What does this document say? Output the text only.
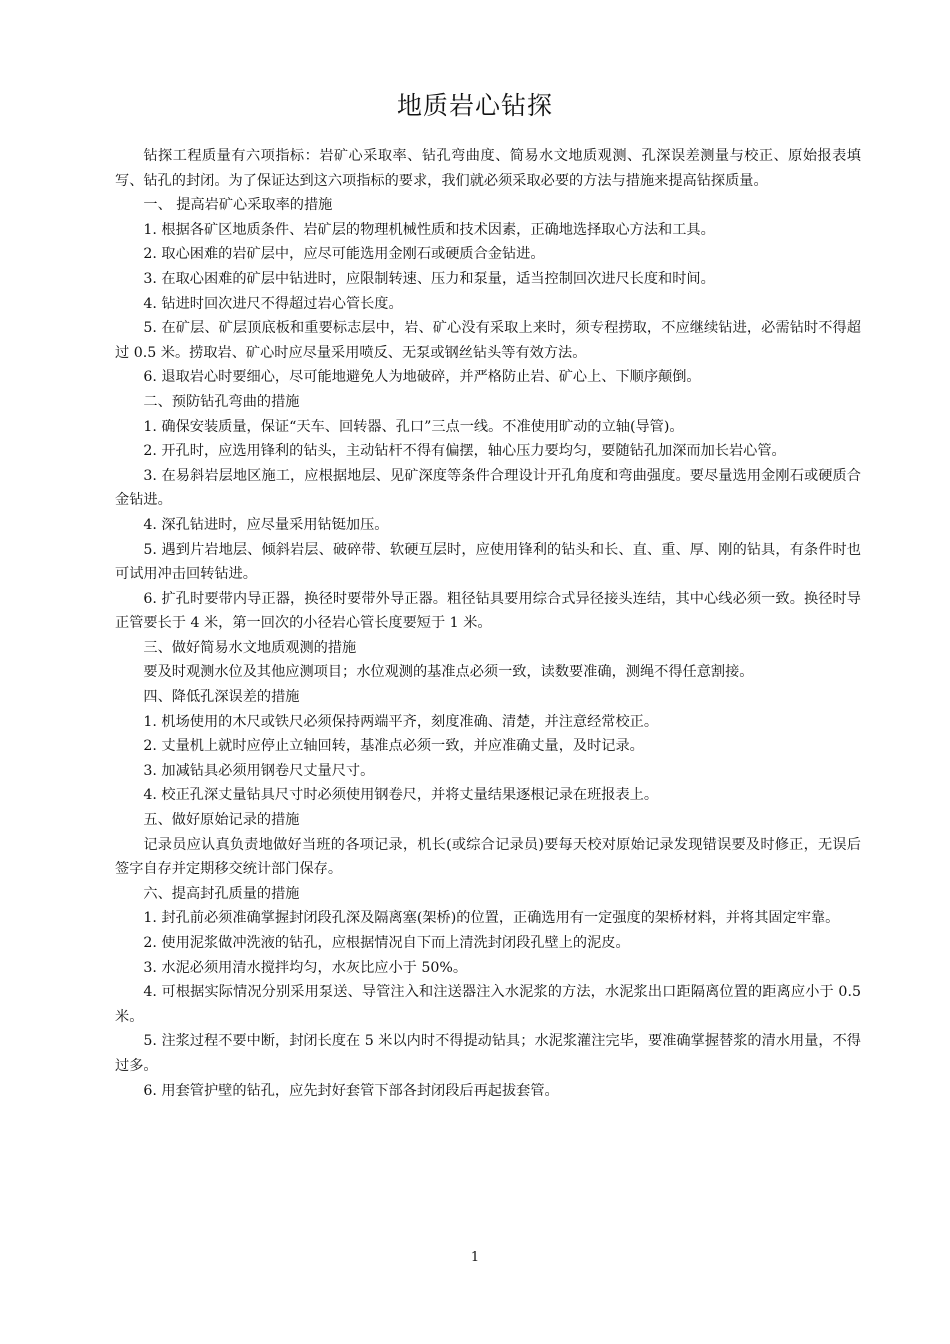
地质岩心钻探

钻探工程质量有六项指标：岩矿心采取率、钻孔弯曲度、简易水文地质观测、孔深误差测量与校正、原始报表填写、钻孔的封闭。为了保证达到这六项指标的要求，我们就必须采取必要的方法与措施来提高钻探质量。

一、 提高岩矿心采取率的措施

1. 根据各矿区地质条件、岩矿层的物理机械性质和技术因素，正确地选择取心方法和工具。

2. 取心困难的岩矿层中，应尽可能选用金刚石或硬质合金钻进。

3. 在取心困难的矿层中钻进时，应限制转速、压力和泵量，适当控制回次进尺长度和时间。

4. 钻进时回次进尺不得超过岩心管长度。

5. 在矿层、矿层顶底板和重要标志层中，岩、矿心没有采取上来时，须专程捞取，不应继续钻进，必需钻时不得超过 0.5 米。捞取岩、矿心时应尽量采用喷反、无泵或钢丝钻头等有效方法。

6. 退取岩心时要细心，尽可能地避免人为地破碎，并严格防止岩、矿心上、下顺序颠倒。

二、预防钻孔弯曲的措施

1. 确保安装质量，保证“天车、回转器、孔口”三点一线。不准使用旷动的立轴(导管)。

2. 开孔时，应选用锋利的钻头，主动钻杆不得有偏摆，轴心压力要均匀，要随钻孔加深而加长岩心管。

3. 在易斜岩层地区施工，应根据地层、见矿深度等条件合理设计开孔角度和弯曲强度。要尽量选用金刚石或硬质合金钻进。

4. 深孔钻进时，应尽量采用钻铤加压。

5. 遇到片岩地层、倾斜岩层、破碎带、软硬互层时，应使用锋利的钻头和长、直、重、厚、刚的钻具，有条件时也可试用冲击回转钻进。

6. 扩孔时要带内导正器，换径时要带外导正器。粗径钻具要用综合式异径接头连结，其中心线必须一致。换径时导正管要长于 4 米，第一回次的小径岩心管长度要短于 1 米。

三、做好简易水文地质观测的措施

要及时观测水位及其他应测项目；水位观测的基准点必须一致，读数要准确，测绳不得任意割接。

四、降低孔深误差的措施

1. 机场使用的木尺或铁尺必须保持两端平齐，刻度准确、清楚，并注意经常校正。

2. 丈量机上就时应停止立轴回转，基准点必须一致，并应准确丈量，及时记录。

3. 加减钻具必须用钢卷尺丈量尺寸。

4. 校正孔深丈量钻具尺寸时必须使用钢卷尺，并将丈量结果逐根记录在班报表上。

五、做好原始记录的措施

记录员应认真负责地做好当班的各项记录，机长(或综合记录员)要每天校对原始记录发现错误要及时修正，无误后签字自存并定期移交统计部门保存。

六、提高封孔质量的措施

1. 封孔前必须准确掌握封闭段孔深及隔离塞(架桥)的位置，正确选用有一定强度的架桥材料，并将其固定牢靠。

2. 使用泥浆做冲洗液的钻孔，应根据情况自下而上清洗封闭段孔壁上的泥皮。

3. 水泥必须用清水搅拌均匀，水灰比应小于 50%。

4. 可根据实际情况分别采用泵送、导管注入和注送器注入水泥浆的方法，水泥浆出口距隔离位置的距离应小于 0.5 米。

5. 注浆过程不要中断，封闭长度在 5 米以内时不得提动钻具；水泥浆灌注完毕，要准确掌握替浆的清水用量，不得过多。

6. 用套管护壁的钻孔，应先封好套管下部各封闭段后再起拔套管。

1
